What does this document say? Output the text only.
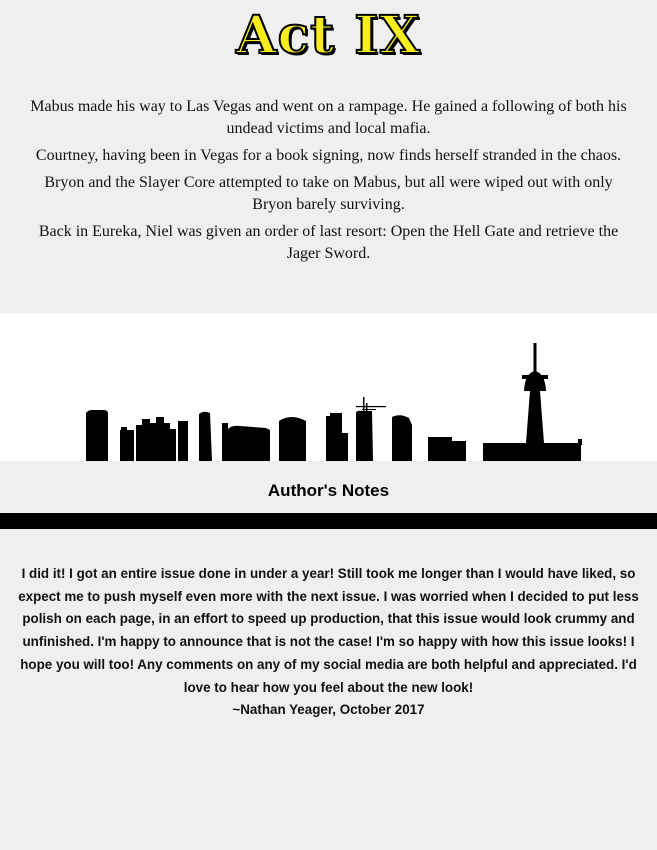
Act IX

Mabus made his way to Las Vegas and went on a rampage. He gained a following of both his undead victims and local mafia.

Courtney, having been in Vegas for a book signing, now finds herself stranded in the chaos.

Bryon and the Slayer Core attempted to take on Mabus, but all were wiped out with only Bryon barely surviving.

Back in Eureka, Niel was given an order of last resort: Open the Hell Gate and retrieve the Jager Sword.

Author's Notes
I did it! I got an entire issue done in under a year! Still took me longer than I would have liked, so expect me to push myself even more with the next issue. I was worried when I decided to put less polish on each page, in an effort to speed up production, that this issue would look crummy and unfinished. I'm happy to announce that is not the case! I'm so happy with how this issue looks! I hope you will too! Any comments on any of my social media are both helpful and appreciated. I'd love to hear how you feel about the new look!
~Nathan Yeager, October 2017
